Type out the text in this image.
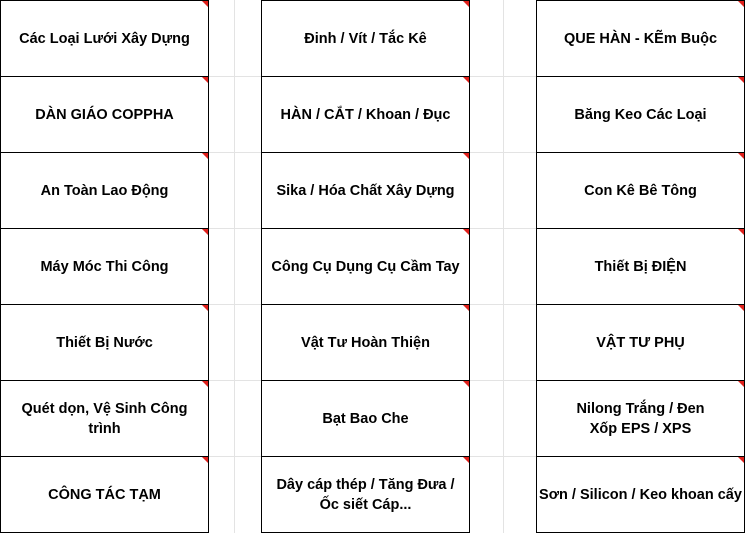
Các Loại Lưới Xây Dựng
DÀN GIÁO COPPHA
An Toàn Lao Động
Máy Móc Thi Công
Thiết Bị Nước
Quét dọn, Vệ Sinh Công
trình
CÔNG TÁC TẠM
Đinh / Vít / Tắc Kê
HÀN / CẮT / Khoan / Đục
Sika / Hóa Chất Xây Dựng
Công Cụ Dụng Cụ Cầm Tay
Vật Tư Hoàn Thiện
Bạt Bao Che
Dây cáp thép / Tăng Đưa /
Ốc siết Cáp...
QUE HÀN - KẼm Buộc
Băng Keo Các Loại
Con Kê Bê Tông
Thiết Bị ĐIỆN
VẬT TƯ PHỤ
Nilong Trắng / Đen
Xốp EPS / XPS
Sơn / Silicon / Keo khoan cấy
